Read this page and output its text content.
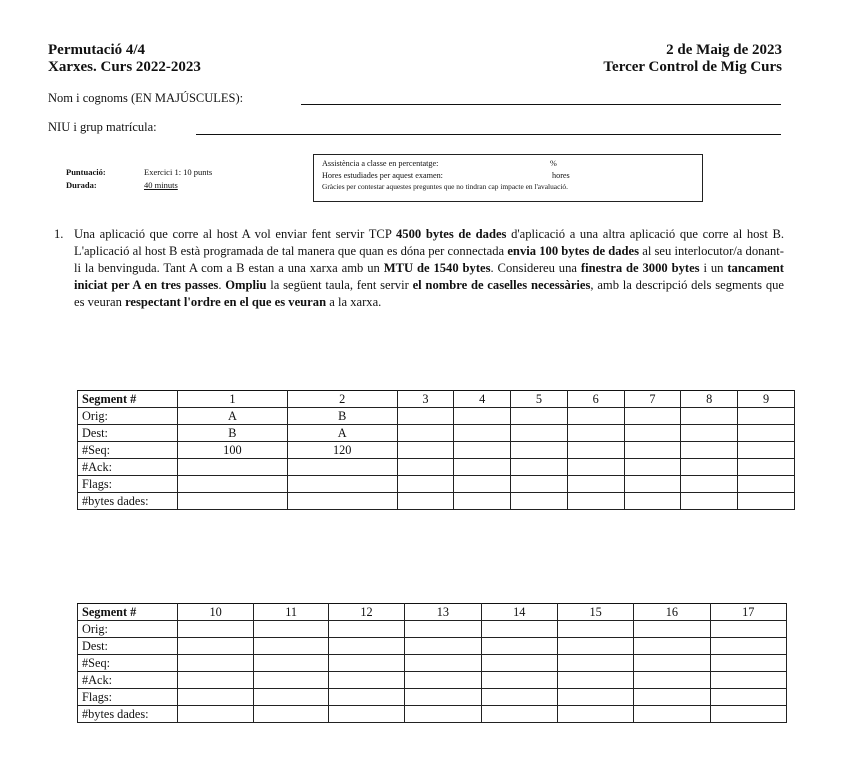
Permutació 4/4
Xarxes. Curs 2022-2023
2 de Maig de 2023
Tercer Control de Mig Curs
Nom i cognoms (EN MAJÚSCULES):
NIU i grup matrícula:
Puntuació:	Exercici 1: 10 punts
Durada:	40 minuts
Assistència a classe en percentatge:	%
Hores estudiades per aquest examen:	hores
Gràcies per contestar aquestes preguntes que no tindran cap impacte en l'avaluació.
1. Una aplicació que corre al host A vol enviar fent servir TCP 4500 bytes de dades d'aplicació a una altra aplicació que corre al host B. L'aplicació al host B està programada de tal manera que quan es dóna per connectada envia 100 bytes de dades al seu interlocutor/a donant-li la benvinguda. Tant A com a B estan a una xarxa amb un MTU de 1540 bytes. Considereu una finestra de 3000 bytes i un tancament iniciat per A en tres passes. Ompliu la següent taula, fent servir el nombre de caselles necessàries, amb la descripció dels segments que es veuran respectant l'ordre en el que es veuran a la xarxa.
Segment #	1	2	3	4	5	6	7	8	9
Orig:	A	B							
Dest:	B	A							
#Seq:	100	120							
#Ack:									
Flags:									
#bytes dades:									
Segment #	10	11	12	13	14	15	16	17
Orig:								
Dest:								
#Seq:								
#Ack:								
Flags:								
#bytes dades:								
